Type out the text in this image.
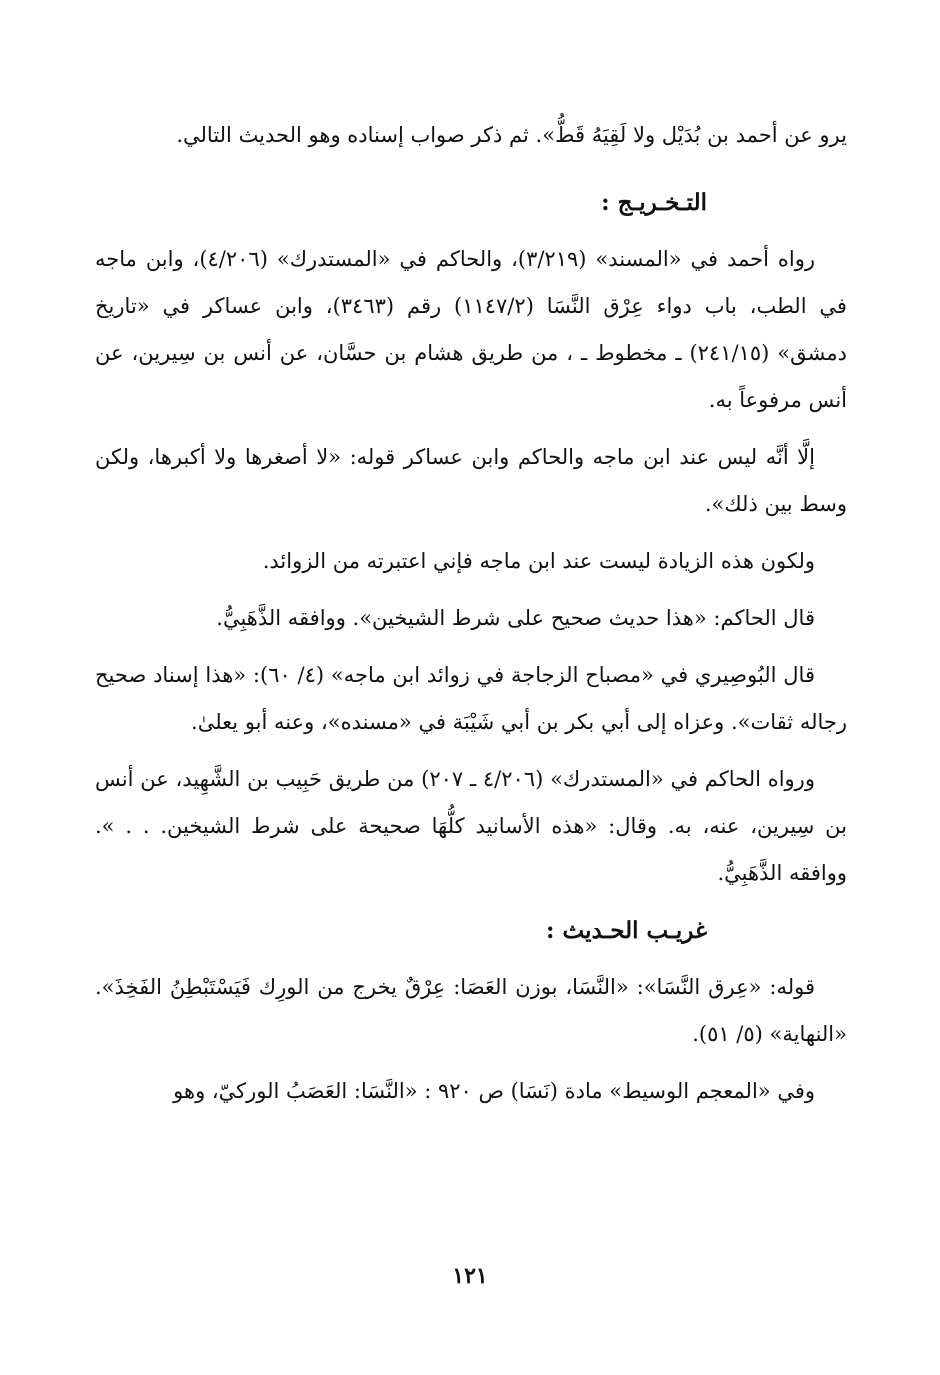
يرو عن أحمد بن بُدَيْل ولا لَقِيَهُ قَطُّ». ثم ذكر صواب إسناده وهو الحديث التالي.

التـخـريـج :

رواه أحمد في «المسند» (٣/٢١٩)، والحاكم في «المستدرك» (٤/٢٠٦)، وابن ماجه في الطب، باب دواء عِرْق النَّسَا (١١٤٧/٢) رقم (٣٤٦٣)، وابن عساكر في «تاريخ دمشق» (٢٤١/١٥) ـ مخطوط ـ ، من طريق هشام بن حسَّان، عن أنس بن سِيرين، عن أنس مرفوعاً به.

إلَّا أنَّه ليس عند ابن ماجه والحاكم وابن عساكر قوله: «لا أصغرها ولا أكبرها، ولكن وسط بين ذلك».

ولكون هذه الزيادة ليست عند ابن ماجه فإني اعتبرته من الزوائد.

قال الحاكم: «هذا حديث صحيح على شرط الشيخين». ووافقه الذَّهَبِيُّ.

قال البُوصِيري في «مصباح الزجاجة في زوائد ابن ماجه» (٤/ ٦٠): «هذا إسناد صحيح رجاله ثقات». وعزاه إلى أبي بكر بن أبي شَيْبَة في «مسنده»، وعنه أبو يعلىٰ.

ورواه الحاكم في «المستدرك» (٤/٢٠٦ ـ ٢٠٧) من طريق حَبِيب بن الشَّهِيد، عن أنس بن سِيرين، عنه، به. وقال: «هذه الأسانيد كلُّهَا صحيحة على شرط الشيخين. . . ». ووافقه الذَّهَبِيُّ.

غريـب الحـديث :

قوله: «عِرق النَّسَا»: «النَّسَا، بوزن العَصَا: عِرْقٌ يخرج من الورِك فَيَسْتَبْطِنُ الفَخِذَ». «النهاية» (٥/ ٥١).

وفي «المعجم الوسيط» مادة (نَسَا) ص ٩٢٠ : «النَّسَا: العَصَبُ الوركيّ، وهو

١٢١
